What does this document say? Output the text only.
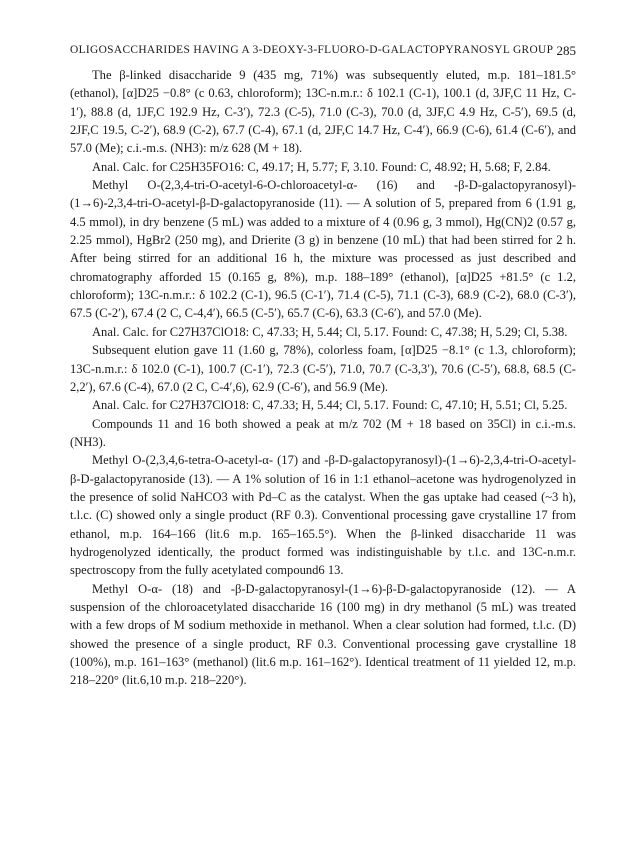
OLIGOSACCHARIDES HAVING A 3-DEOXY-3-FLUORO-D-GALACTOPYRANOSYL GROUP 285

The β-linked disaccharide 9 (435 mg, 71%) was subsequently eluted, m.p. 181–181.5° (ethanol), [α]D25 −0.8° (c 0.63, chloroform); 13C-n.m.r.: δ 102.1 (C-1), 100.1 (d, 3JF,C 11 Hz, C-1′), 88.8 (d, 1JF,C 192.9 Hz, C-3′), 72.3 (C-5), 71.0 (C-3), 70.0 (d, 3JF,C 4.9 Hz, C-5′), 69.5 (d, 2JF,C 19.5, C-2′), 68.9 (C-2), 67.7 (C-4), 67.1 (d, 2JF,C 14.7 Hz, C-4′), 66.9 (C-6), 61.4 (C-6′), and 57.0 (Me); c.i.-m.s. (NH3): m/z 628 (M + 18).

Anal. Calc. for C25H35FO16: C, 49.17; H, 5.77; F, 3.10. Found: C, 48.92; H, 5.68; F, 2.84.

Methyl O-(2,3,4-tri-O-acetyl-6-O-chloroacetyl-α- (16) and -β-D-galactopyranosyl)-(1→6)-2,3,4-tri-O-acetyl-β-D-galactopyranoside (11). — A solution of 5, prepared from 6 (1.91 g, 4.5 mmol), in dry benzene (5 mL) was added to a mixture of 4 (0.96 g, 3 mmol), Hg(CN)2 (0.57 g, 2.25 mmol), HgBr2 (250 mg), and Drierite (3 g) in benzene (10 mL) that had been stirred for 2 h. After being stirred for an additional 16 h, the mixture was processed as just described and chromatography afforded 15 (0.165 g, 8%), m.p. 188–189° (ethanol), [α]D25 +81.5° (c 1.2, chloroform); 13C-n.m.r.: δ 102.2 (C-1), 96.5 (C-1′), 71.4 (C-5), 71.1 (C-3), 68.9 (C-2), 68.0 (C-3′), 67.5 (C-2′), 67.4 (2 C, C-4,4′), 66.5 (C-5′), 65.7 (C-6), 63.3 (C-6′), and 57.0 (Me).

Anal. Calc. for C27H37ClO18: C, 47.33; H, 5.44; Cl, 5.17. Found: C, 47.38; H, 5.29; Cl, 5.38.

Subsequent elution gave 11 (1.60 g, 78%), colorless foam, [α]D25 −8.1° (c 1.3, chloroform); 13C-n.m.r.: δ 102.0 (C-1), 100.7 (C-1′), 72.3 (C-5′), 71.0, 70.7 (C-3,3′), 70.6 (C-5′), 68.8, 68.5 (C-2,2′), 67.6 (C-4), 67.0 (2 C, C-4′,6), 62.9 (C-6′), and 56.9 (Me).

Anal. Calc. for C27H37ClO18: C, 47.33; H, 5.44; Cl, 5.17. Found: C, 47.10; H, 5.51; Cl, 5.25.

Compounds 11 and 16 both showed a peak at m/z 702 (M + 18 based on 35Cl) in c.i.-m.s. (NH3).

Methyl O-(2,3,4,6-tetra-O-acetyl-α- (17) and -β-D-galactopyranosyl)-(1→6)-2,3,4-tri-O-acetyl-β-D-galactopyranoside (13). — A 1% solution of 16 in 1:1 ethanol–acetone was hydrogenolyzed in the presence of solid NaHCO3 with Pd–C as the catalyst. When the gas uptake had ceased (~3 h), t.l.c. (C) showed only a single product (RF 0.3). Conventional processing gave crystalline 17 from ethanol, m.p. 164–166 (lit.6 m.p. 165–165.5°). When the β-linked disaccharide 11 was hydrogenolyzed identically, the product formed was indistinguishable by t.l.c. and 13C-n.m.r. spectroscopy from the fully acetylated compound6 13.

Methyl O-α- (18) and -β-D-galactopyranosyl-(1→6)-β-D-galactopyranoside (12). — A suspension of the chloroacetylated disaccharide 16 (100 mg) in dry methanol (5 mL) was treated with a few drops of M sodium methoxide in methanol. When a clear solution had formed, t.l.c. (D) showed the presence of a single product, RF 0.3. Conventional processing gave crystalline 18 (100%), m.p. 161–163° (methanol) (lit.6 m.p. 161–162°). Identical treatment of 11 yielded 12, m.p. 218–220° (lit.6,10 m.p. 218–220°).
